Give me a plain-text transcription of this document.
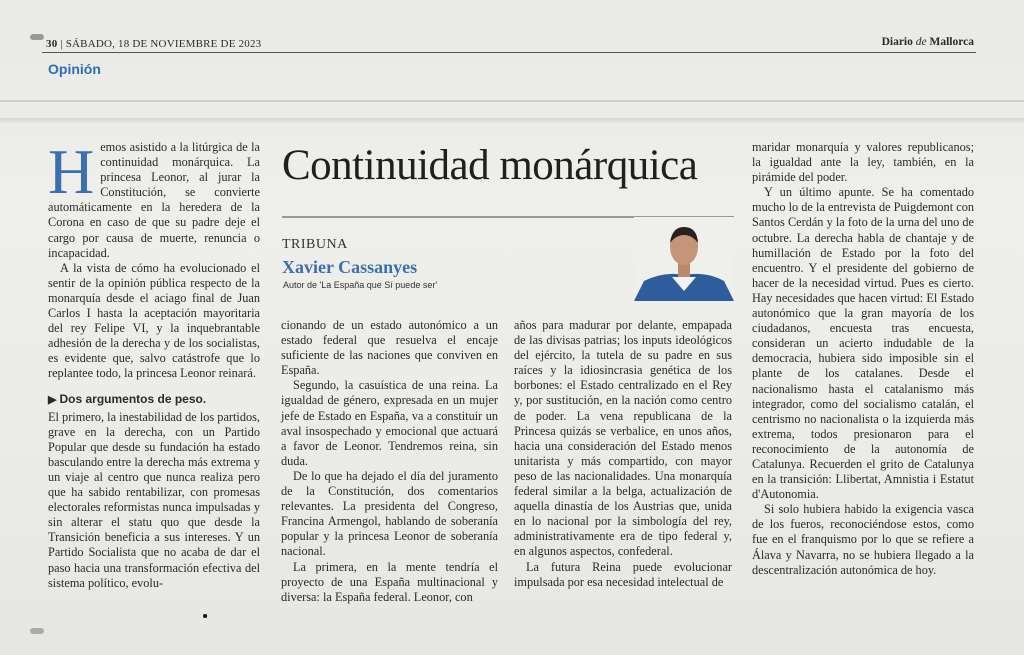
30 | SÁBADO, 18 DE NOVIEMBRE DE 2023	Diario de Mallorca
Opinión
H emos asistido a la litúrgica de la continuidad monárquica. La princesa Leonor, al jurar la Constitución, se convierte automáticamente en la heredera de la Corona en caso de que su padre deje el cargo por causa de muerte, renuncia o incapacidad.

A la vista de cómo ha evolucionado el sentir de la opinión pública respecto de la monarquía desde el aciago final de Juan Carlos I hasta la aceptación mayoritaria del rey Felipe VI, y la inquebrantable adhesión de la derecha y de los socialistas, es evidente que, salvo catástrofe que lo replantee todo, la princesa Leonor reinará.

▶ Dos argumentos de peso.

El primero, la inestabilidad de los partidos, grave en la derecha, con un Partido Popular que desde su fundación ha estado basculando entre la derecha más extrema y un viaje al centro que nunca realiza pero que ha sabido rentabilizar, con promesas electorales reformistas nunca impulsadas y sin alterar el statu quo que desde la Transición beneficia a sus intereses. Y un Partido Socialista que no acaba de dar el paso hacia una transformación efectiva del sistema político, evolu-

Continuidad monárquica
TRIBUNA
Xavier Cassanyes
Autor de 'La España que Sí puede ser'

cionando de un estado autonómico a un estado federal que resuelva el encaje suficiente de las naciones que conviven en España.

Segundo, la casuística de una reina. La igualdad de género, expresada en un mujer jefe de Estado en España, va a constituir un aval insospechado y emocional que actuará a favor de Leonor. Tendremos reina, sin duda.

De lo que ha dejado el día del juramento de la Constitución, dos comentarios relevantes. La presidenta del Congreso, Francina Armengol, hablando de soberanía popular y la princesa Leonor de soberanía nacional.

La primera, en la mente tendría el proyecto de una España multinacional y diversa: la España federal. Leonor, con

años para madurar por delante, empapada de las divisas patrias; los inputs ideológicos del ejército, la tutela de su padre en sus raíces y la idiosincrasia genética de los borbones: el Estado centralizado en el Rey y, por sustitución, en la nación como centro de poder. La vena republicana de la Princesa quizás se verbalice, en unos años, hacia una consideración del Estado menos unitarista y más compartido, con mayor peso de las nacionalidades. Una monarquía federal similar a la belga, actualización de aquella dinastía de los Austrias que, unida en lo nacional por la simbología del rey, administrativamente era de tipo federal y, en algunos aspectos, confederal.

La futura Reina puede evolucionar impulsada por esa necesidad intelectual de

maridar monarquía y valores republicanos; la igualdad ante la ley, también, en la pirámide del poder.

Y un último apunte. Se ha comentado mucho lo de la entrevista de Puigdemont con Santos Cerdán y la foto de la urna del uno de octubre. La derecha habla de chantaje y de humillación de Estado por la foto del encuentro. Y el presidente del gobierno de hacer de la necesidad virtud. Pues es cierto. Hay necesidades que hacen virtud: El Estado autonómico que la gran mayoría de los ciudadanos, encuesta tras encuesta, consideran un acierto indudable de la democracia, hubiera sido imposible sin el plante de los catalanes. Desde el nacionalismo hasta el catalanismo más integrador, como del socialismo catalán, el centrismo no nacionalista o la izquierda más extrema, todos presionaron para el reconocimiento de la autonomía de Catalunya. Recuerden el grito de Catalunya en la transición: Llibertat, Amnistia i Estatut d'Autonomia.

Si solo hubiera habido la exigencia vasca de los fueros, reconociéndose estos, como fue en el franquismo por lo que se refiere a Álava y Navarra, no se hubiera llegado a la descentralización autonómica de hoy.
